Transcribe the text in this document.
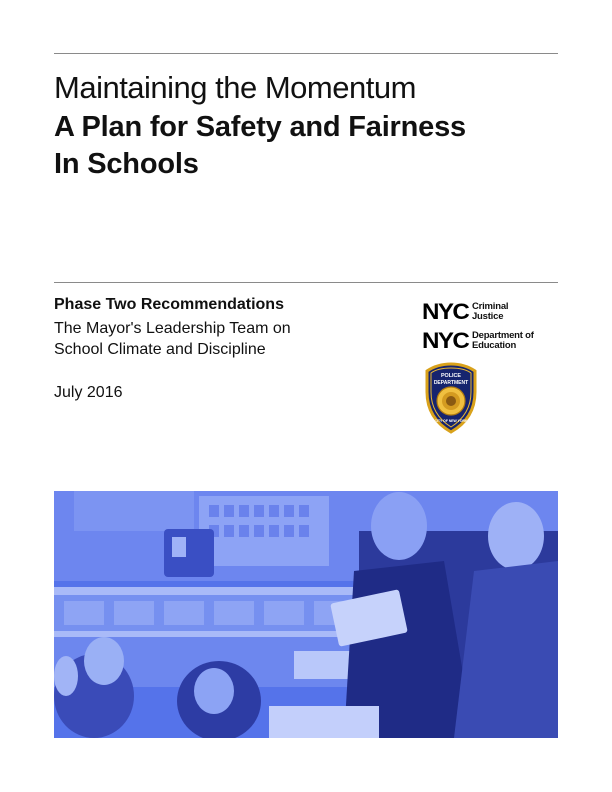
Maintaining the Momentum
A Plan for Safety and Fairness In Schools
Phase Two Recommendations
The Mayor's Leadership Team on
School Climate and Discipline
July 2016
NYC Criminal
Justice
NYC Department of
Education
POLICE
DEPARTMENT
CITY OF NEW YORK
